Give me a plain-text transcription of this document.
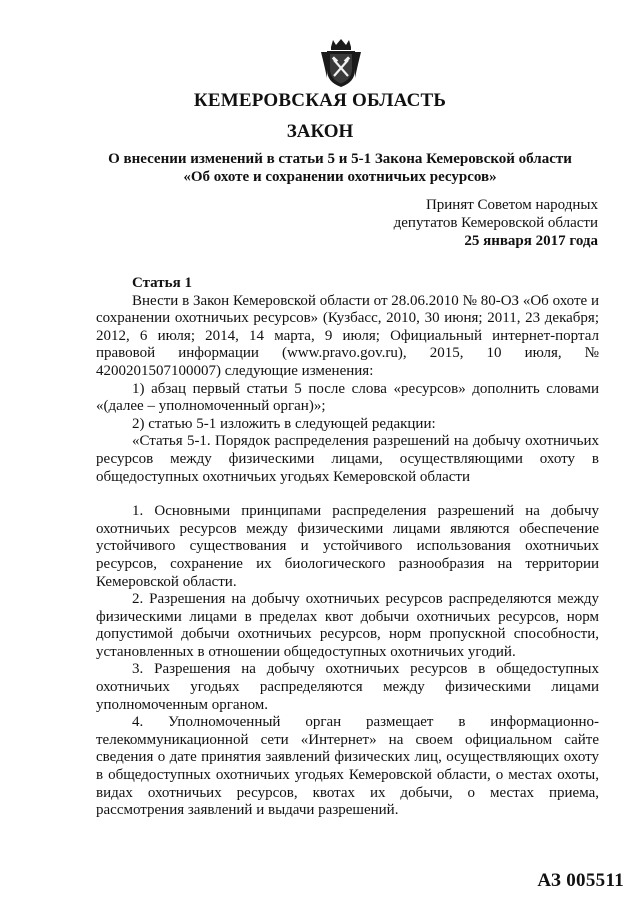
КЕМЕРОВСКАЯ ОБЛАСТЬ
ЗАКОН
О внесении изменений в статьи 5 и 5-1 Закона Кемеровской области
«Об охоте и сохранении охотничьих ресурсов»
Принят Советом народных
депутатов Кемеровской области
25 января 2017 года

Статья 1

Внести в Закон Кемеровской области от 28.06.2010 № 80-ОЗ «Об охоте и сохранении охотничьих ресурсов» (Кузбасс, 2010, 30 июня; 2011, 23 декабря; 2012, 6 июля; 2014, 14 марта, 9 июля; Официальный интернет-портал правовой информации (www.pravo.gov.ru), 2015, 10 июля, № 4200201507100007) следующие изменения:

1) абзац первый статьи 5 после слова «ресурсов» дополнить словами «(далее – уполномоченный орган)»;

2) статью 5-1 изложить в следующей редакции:

«Статья 5-1. Порядок распределения разрешений на добычу охотничьих ресурсов между физическими лицами, осуществляющими охоту в общедоступных охотничьих угодьях Кемеровской области

1. Основными принципами распределения разрешений на добычу охотничьих ресурсов между физическими лицами являются обеспечение устойчивого существования и устойчивого использования охотничьих ресурсов, сохранение их биологического разнообразия на территории Кемеровской области.

2. Разрешения на добычу охотничьих ресурсов распределяются между физическими лицами в пределах квот добычи охотничьих ресурсов, норм допустимой добычи охотничьих ресурсов, норм пропускной способности, установленных в отношении общедоступных охотничьих угодий.

3. Разрешения на добычу охотничьих ресурсов в общедоступных охотничьих угодьях распределяются между физическими лицами уполномоченным органом.

4. Уполномоченный орган размещает в информационно-телекоммуникационной сети «Интернет» на своем официальном сайте сведения о дате принятия заявлений физических лиц, осуществляющих охоту в общедоступных охотничьих угодьях Кемеровской области, о местах охоты, видах охотничьих ресурсов, квотах их добычи, о местах приема, рассмотрения заявлений и выдачи разрешений.

АЗ 005511
